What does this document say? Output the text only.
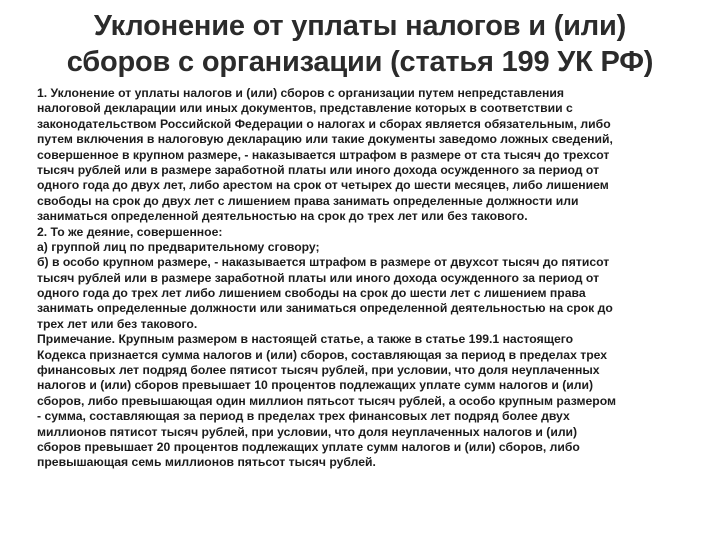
Уклонение от уплаты налогов и (или)
сборов с организации (статья 199 УК РФ)
1. Уклонение от уплаты налогов и (или) сборов с организации путем непредставления
налоговой декларации или иных документов, представление которых в соответствии с
законодательством Российской Федерации о налогах и сборах является обязательным, либо
путем включения в налоговую декларацию или такие документы заведомо ложных сведений,
совершенное в крупном размере, - наказывается штрафом в размере от ста тысяч до трехсот
тысяч рублей или в размере заработной платы или иного дохода осужденного за период от
одного года до двух лет, либо арестом на срок от четырех до шести месяцев, либо лишением
свободы на срок до двух лет с лишением права занимать определенные должности или
заниматься определенной деятельностью на срок до трех лет или без такового.
2. То же деяние, совершенное:
а) группой лиц по предварительному сговору;
б) в особо крупном размере, - наказывается штрафом в размере от двухсот тысяч до пятисот
тысяч рублей или в размере заработной платы или иного дохода осужденного за период от
одного года до трех лет либо лишением свободы на срок до шести лет с лишением права
занимать определенные должности или заниматься определенной деятельностью на срок до
трех лет или без такового.
Примечание. Крупным размером в настоящей статье, а также в статье 199.1 настоящего
Кодекса признается сумма налогов и (или) сборов, составляющая за период в пределах трех
финансовых лет подряд более пятисот тысяч рублей, при условии, что доля неуплаченных
налогов и (или) сборов превышает 10 процентов подлежащих уплате сумм налогов и (или)
сборов, либо превышающая один миллион пятьсот тысяч рублей, а особо крупным размером
- сумма, составляющая за период в пределах трех финансовых лет подряд более двух
миллионов пятисот тысяч рублей, при условии, что доля неуплаченных налогов и (или)
сборов превышает 20 процентов подлежащих уплате сумм налогов и (или) сборов, либо
превышающая семь миллионов пятьсот тысяч рублей.
